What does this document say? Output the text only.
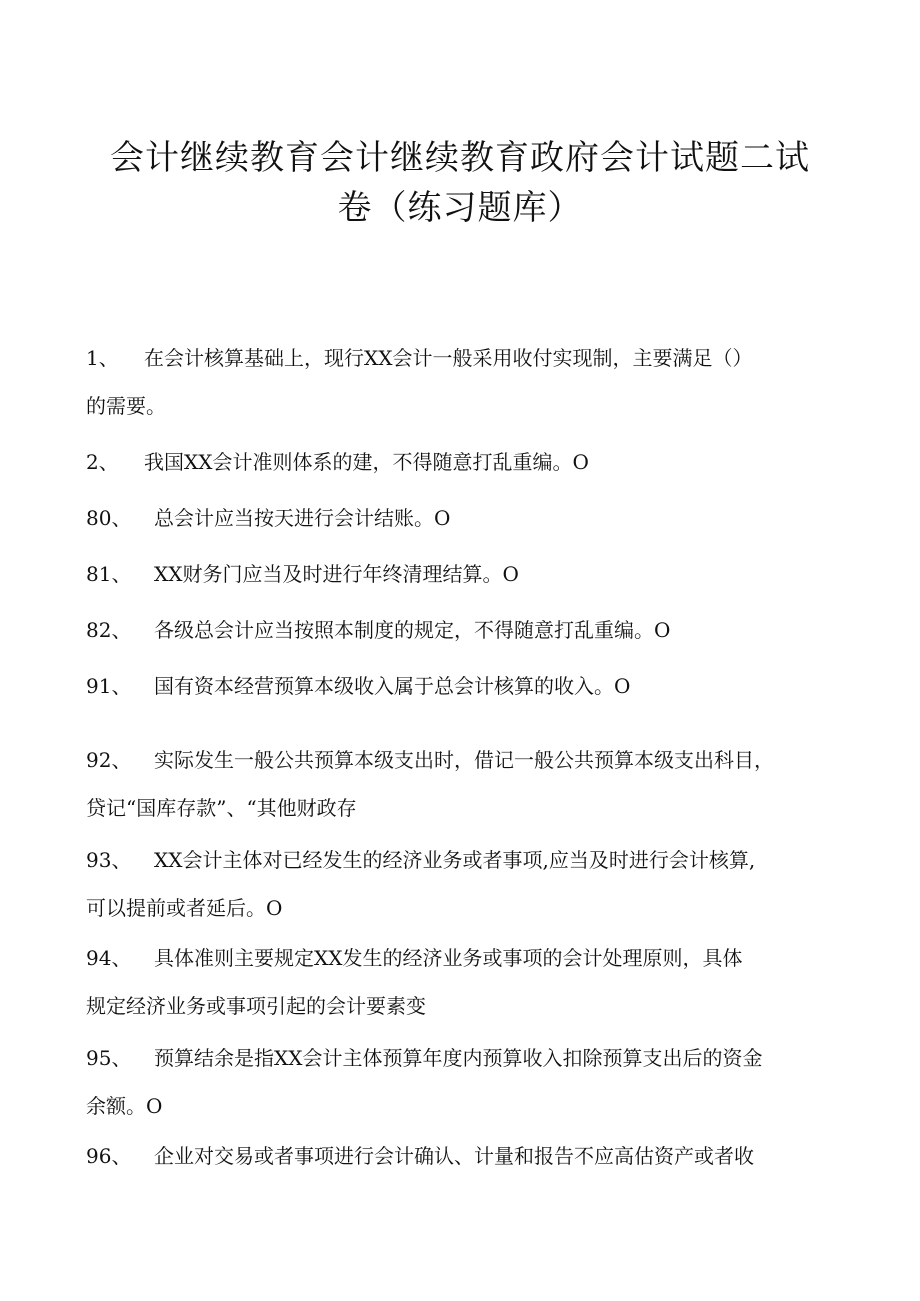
会计继续教育会计继续教育政府会计试题二试
卷（练习题库）
1、 在会计核算基础上，现行XX会计一般采用收付实现制，主要满足（）
的需要。
2、 我国XX会计准则体系的建，不得随意打乱重编。O
80、 总会计应当按天进行会计结账。O
81、 XX财务门应当及时进行年终清理结算。O
82、 各级总会计应当按照本制度的规定，不得随意打乱重编。O
91、 国有资本经营预算本级收入属于总会计核算的收入。O
92、 实际发生一般公共预算本级支出时，借记一般公共预算本级支出科目，
贷记“国库存款”、“其他财政存
93、 XX会计主体对已经发生的经济业务或者事项,应当及时进行会计核算,
可以提前或者延后。O
94、 具体准则主要规定XX发生的经济业务或事项的会计处理原则，具体
规定经济业务或事项引起的会计要素变
95、 预算结余是指XX会计主体预算年度内预算收入扣除预算支出后的资金
余额。O
96、 企业对交易或者事项进行会计确认、计量和报告不应高估资产或者收
